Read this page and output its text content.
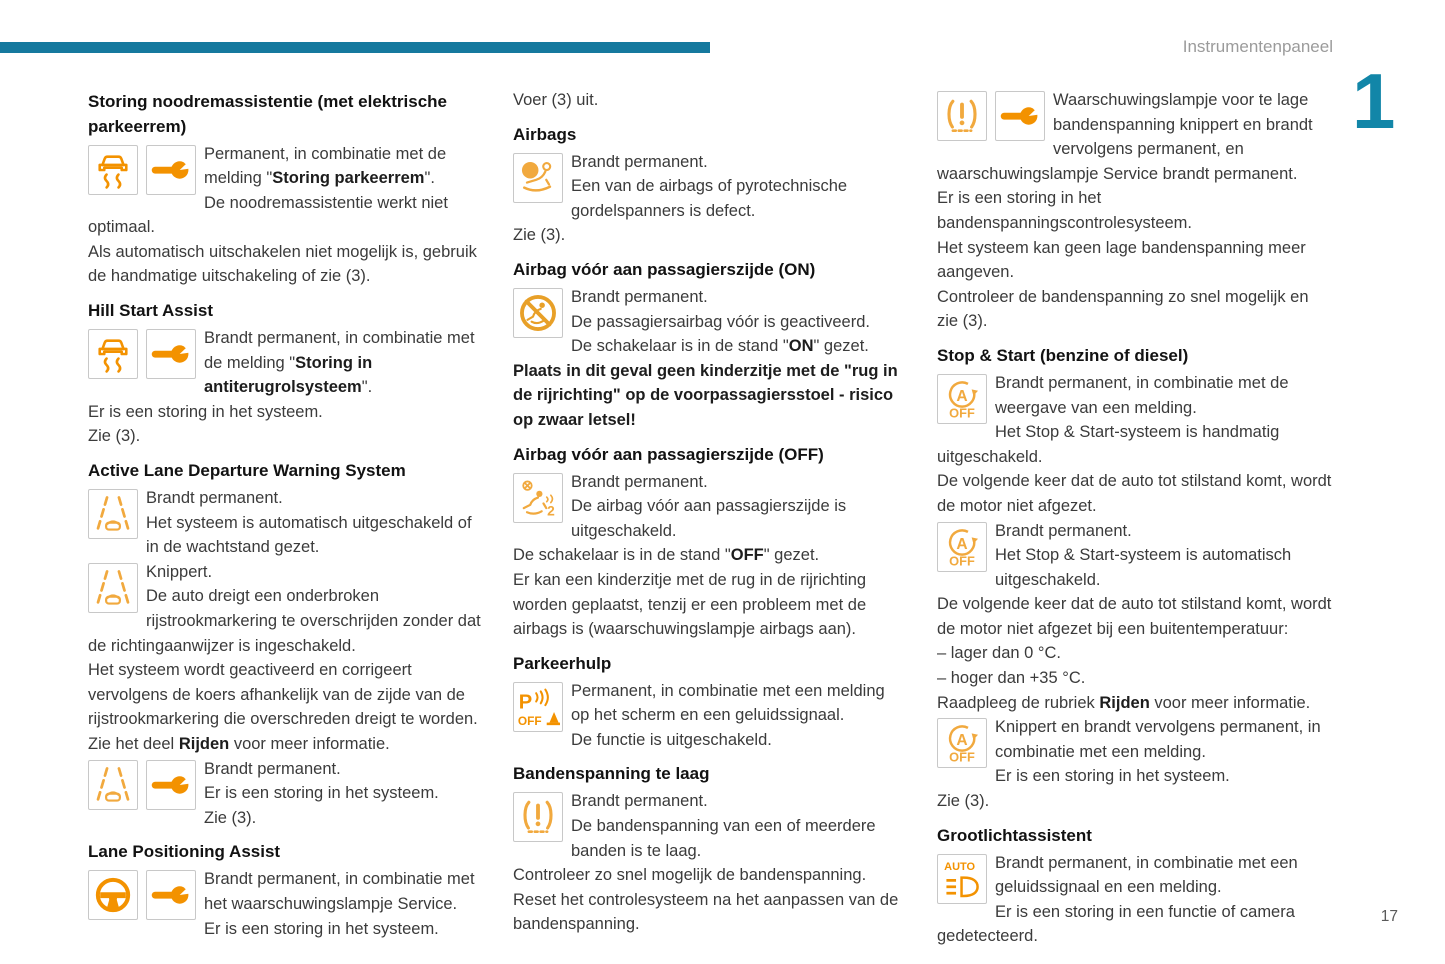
Instrumentenpaneel
1
Storing noodremassistentie (met elektrische parkeerrem)

Permanent, in combinatie met de melding "Storing parkeerrem".

De noodremassistentie werkt niet optimaal.

Als automatisch uitschakelen niet mogelijk is, gebruik de handmatige uitschakeling of zie (3).

Hill Start Assist

Brandt permanent, in combinatie met de melding "Storing in antiterugrolsysteem".

Er is een storing in het systeem.

Zie (3).

Active Lane Departure Warning System

Brandt permanent.

Het systeem is automatisch uitgeschakeld of in de wachtstand gezet.

Knippert.

De auto dreigt een onderbroken rijstrookmarkering te overschrijden zonder dat de richtingaanwijzer is ingeschakeld.

Het systeem wordt geactiveerd en corrigeert vervolgens de koers afhankelijk van de zijde van de rijstrookmarkering die overschreden dreigt te worden.

Zie het deel Rijden voor meer informatie.

Brandt permanent.

Er is een storing in het systeem.

Zie (3).

Lane Positioning Assist

Brandt permanent, in combinatie met het waarschuwingslampje Service.

Er is een storing in het systeem.

Voer (3) uit.

Airbags

Brandt permanent.

Een van de airbags of pyrotechnische gordelspanners is defect.

Zie (3).

Airbag vóór aan passagierszijde (ON)

Brandt permanent.

De passagiersairbag vóór is geactiveerd.

De schakelaar is in de stand "ON" gezet.

Plaats in dit geval geen kinderzitje met de "rug in de rijrichting" op de voorpassagiersstoel - risico op zwaar letsel!

Airbag vóór aan passagierszijde (OFF)

Brandt permanent.

De airbag vóór aan passagierszijde is uitgeschakeld.

De schakelaar is in de stand "OFF" gezet.

Er kan een kinderzitje met de rug in de rijrichting worden geplaatst, tenzij er een probleem met de airbags is (waarschuwingslampje airbags aan).

Parkeerhulp

Permanent, in combinatie met een melding op het scherm en een geluidssignaal.

De functie is uitgeschakeld.

Bandenspanning te laag

Brandt permanent.

De bandenspanning van een of meerdere banden is te laag.

Controleer zo snel mogelijk de bandenspanning.

Reset het controlesysteem na het aanpassen van de bandenspanning.

Waarschuwingslampje voor te lage bandenspanning knippert en brandt vervolgens permanent, en waarschuwingslampje Service brandt permanent.

Er is een storing in het bandenspanningscontrolesysteem.

Het systeem kan geen lage bandenspanning meer aangeven.

Controleer de bandenspanning zo snel mogelijk en zie (3).

Stop & Start (benzine of diesel)

Brandt permanent, in combinatie met de weergave van een melding.

Het Stop & Start-systeem is handmatig uitgeschakeld.

De volgende keer dat de auto tot stilstand komt, wordt de motor niet afgezet.

Brandt permanent.

Het Stop & Start-systeem is automatisch uitgeschakeld.

De volgende keer dat de auto tot stilstand komt, wordt de motor niet afgezet bij een buitentemperatuur:

– lager dan 0 °C.

– hoger dan +35 °C.

Raadpleeg de rubriek Rijden voor meer informatie.

Knippert en brandt vervolgens permanent, in combinatie met een melding.

Er is een storing in het systeem.

Zie (3).

Grootlichtassistent

Brandt permanent, in combinatie met een geluidssignaal en een melding.

Er is een storing in een functie of camera gedetecteerd.

17
